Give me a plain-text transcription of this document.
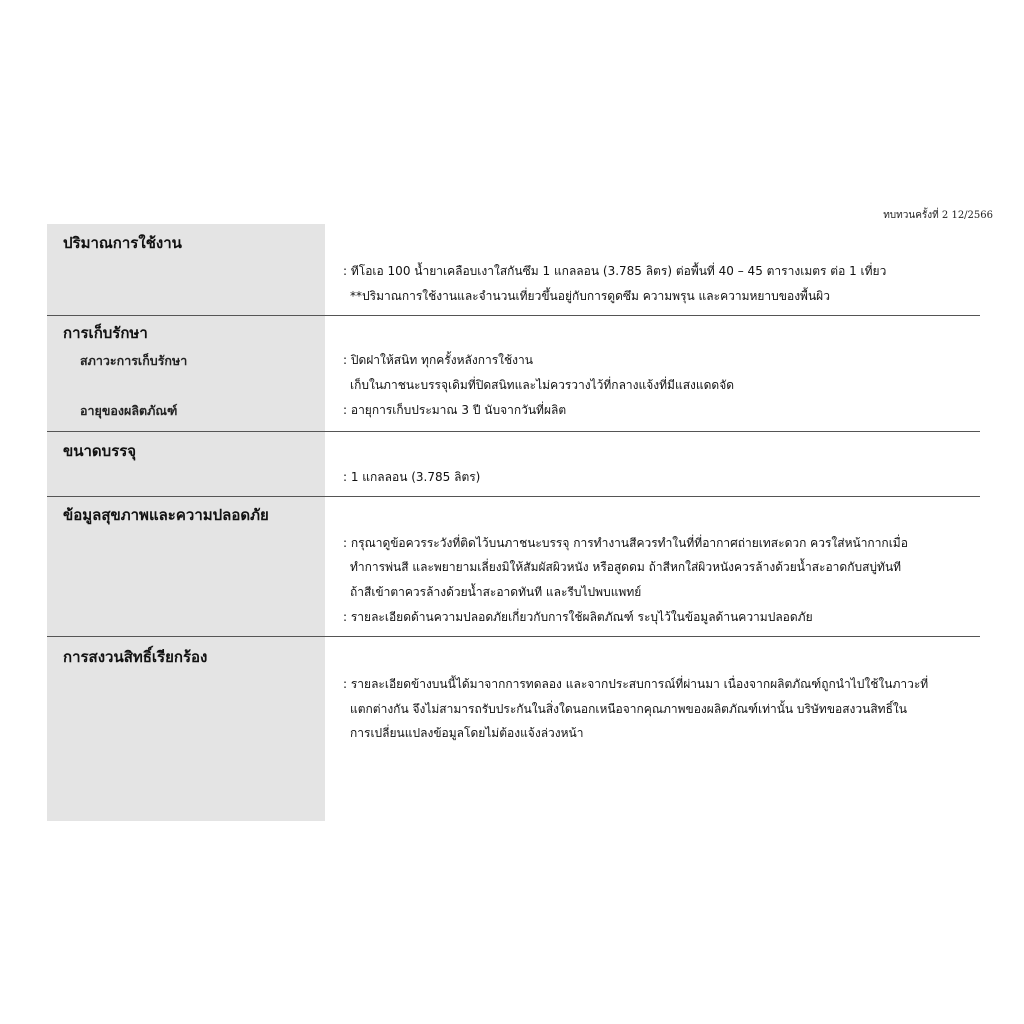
ทบทวนครั้งที่ 2 12/2566
ปริมาณการใช้งาน
: ทีโอเอ 100 น้ำยาเคลือบเงาใสกันซึม 1 แกลลอน (3.785 ลิตร) ต่อพื้นที่ 40 – 45 ตารางเมตร ต่อ 1 เที่ยว
**ปริมาณการใช้งานและจำนวนเที่ยวขึ้นอยู่กับการดูดซึม ความพรุน และความหยาบของพื้นผิว
การเก็บรักษา
สภาวะการเก็บรักษา	: ปิดฝาให้สนิท ทุกครั้งหลังการใช้งาน
เก็บในภาชนะบรรจุเดิมที่ปิดสนิทและไม่ควรวางไว้ที่กลางแจ้งที่มีแสงแดดจัด
อายุของผลิตภัณฑ์	: อายุการเก็บประมาณ 3 ปี นับจากวันที่ผลิต
ขนาดบรรจุ
: 1 แกลลอน (3.785 ลิตร)
ข้อมูลสุขภาพและความปลอดภัย
: กรุณาดูข้อควรระวังที่ติดไว้บนภาชนะบรรจุ การทำงานสีควรทำในที่ที่อากาศถ่ายเทสะดวก ควรใส่หน้ากากเมื่อ
ทำการพ่นสี และพยายามเลี่ยงมิให้สัมผัสผิวหนัง หรือสูดดม ถ้าสีหกใส่ผิวหนังควรล้างด้วยน้ำสะอาดกับสบู่ทันที
ถ้าสีเข้าตาควรล้างด้วยน้ำสะอาดทันที และรีบไปพบแพทย์
: รายละเอียดด้านความปลอดภัยเกี่ยวกับการใช้ผลิตภัณฑ์ ระบุไว้ในข้อมูลด้านความปลอดภัย
การสงวนสิทธิ์เรียกร้อง
: รายละเอียดข้างบนนี้ได้มาจากการทดลอง และจากประสบการณ์ที่ผ่านมา เนื่องจากผลิตภัณฑ์ถูกนำไปใช้ในภาวะที่
แตกต่างกัน จึงไม่สามารถรับประกันในสิ่งใดนอกเหนือจากคุณภาพของผลิตภัณฑ์เท่านั้น บริษัทขอสงวนสิทธิ์ใน
การเปลี่ยนแปลงข้อมูลโดยไม่ต้องแจ้งล่วงหน้า
